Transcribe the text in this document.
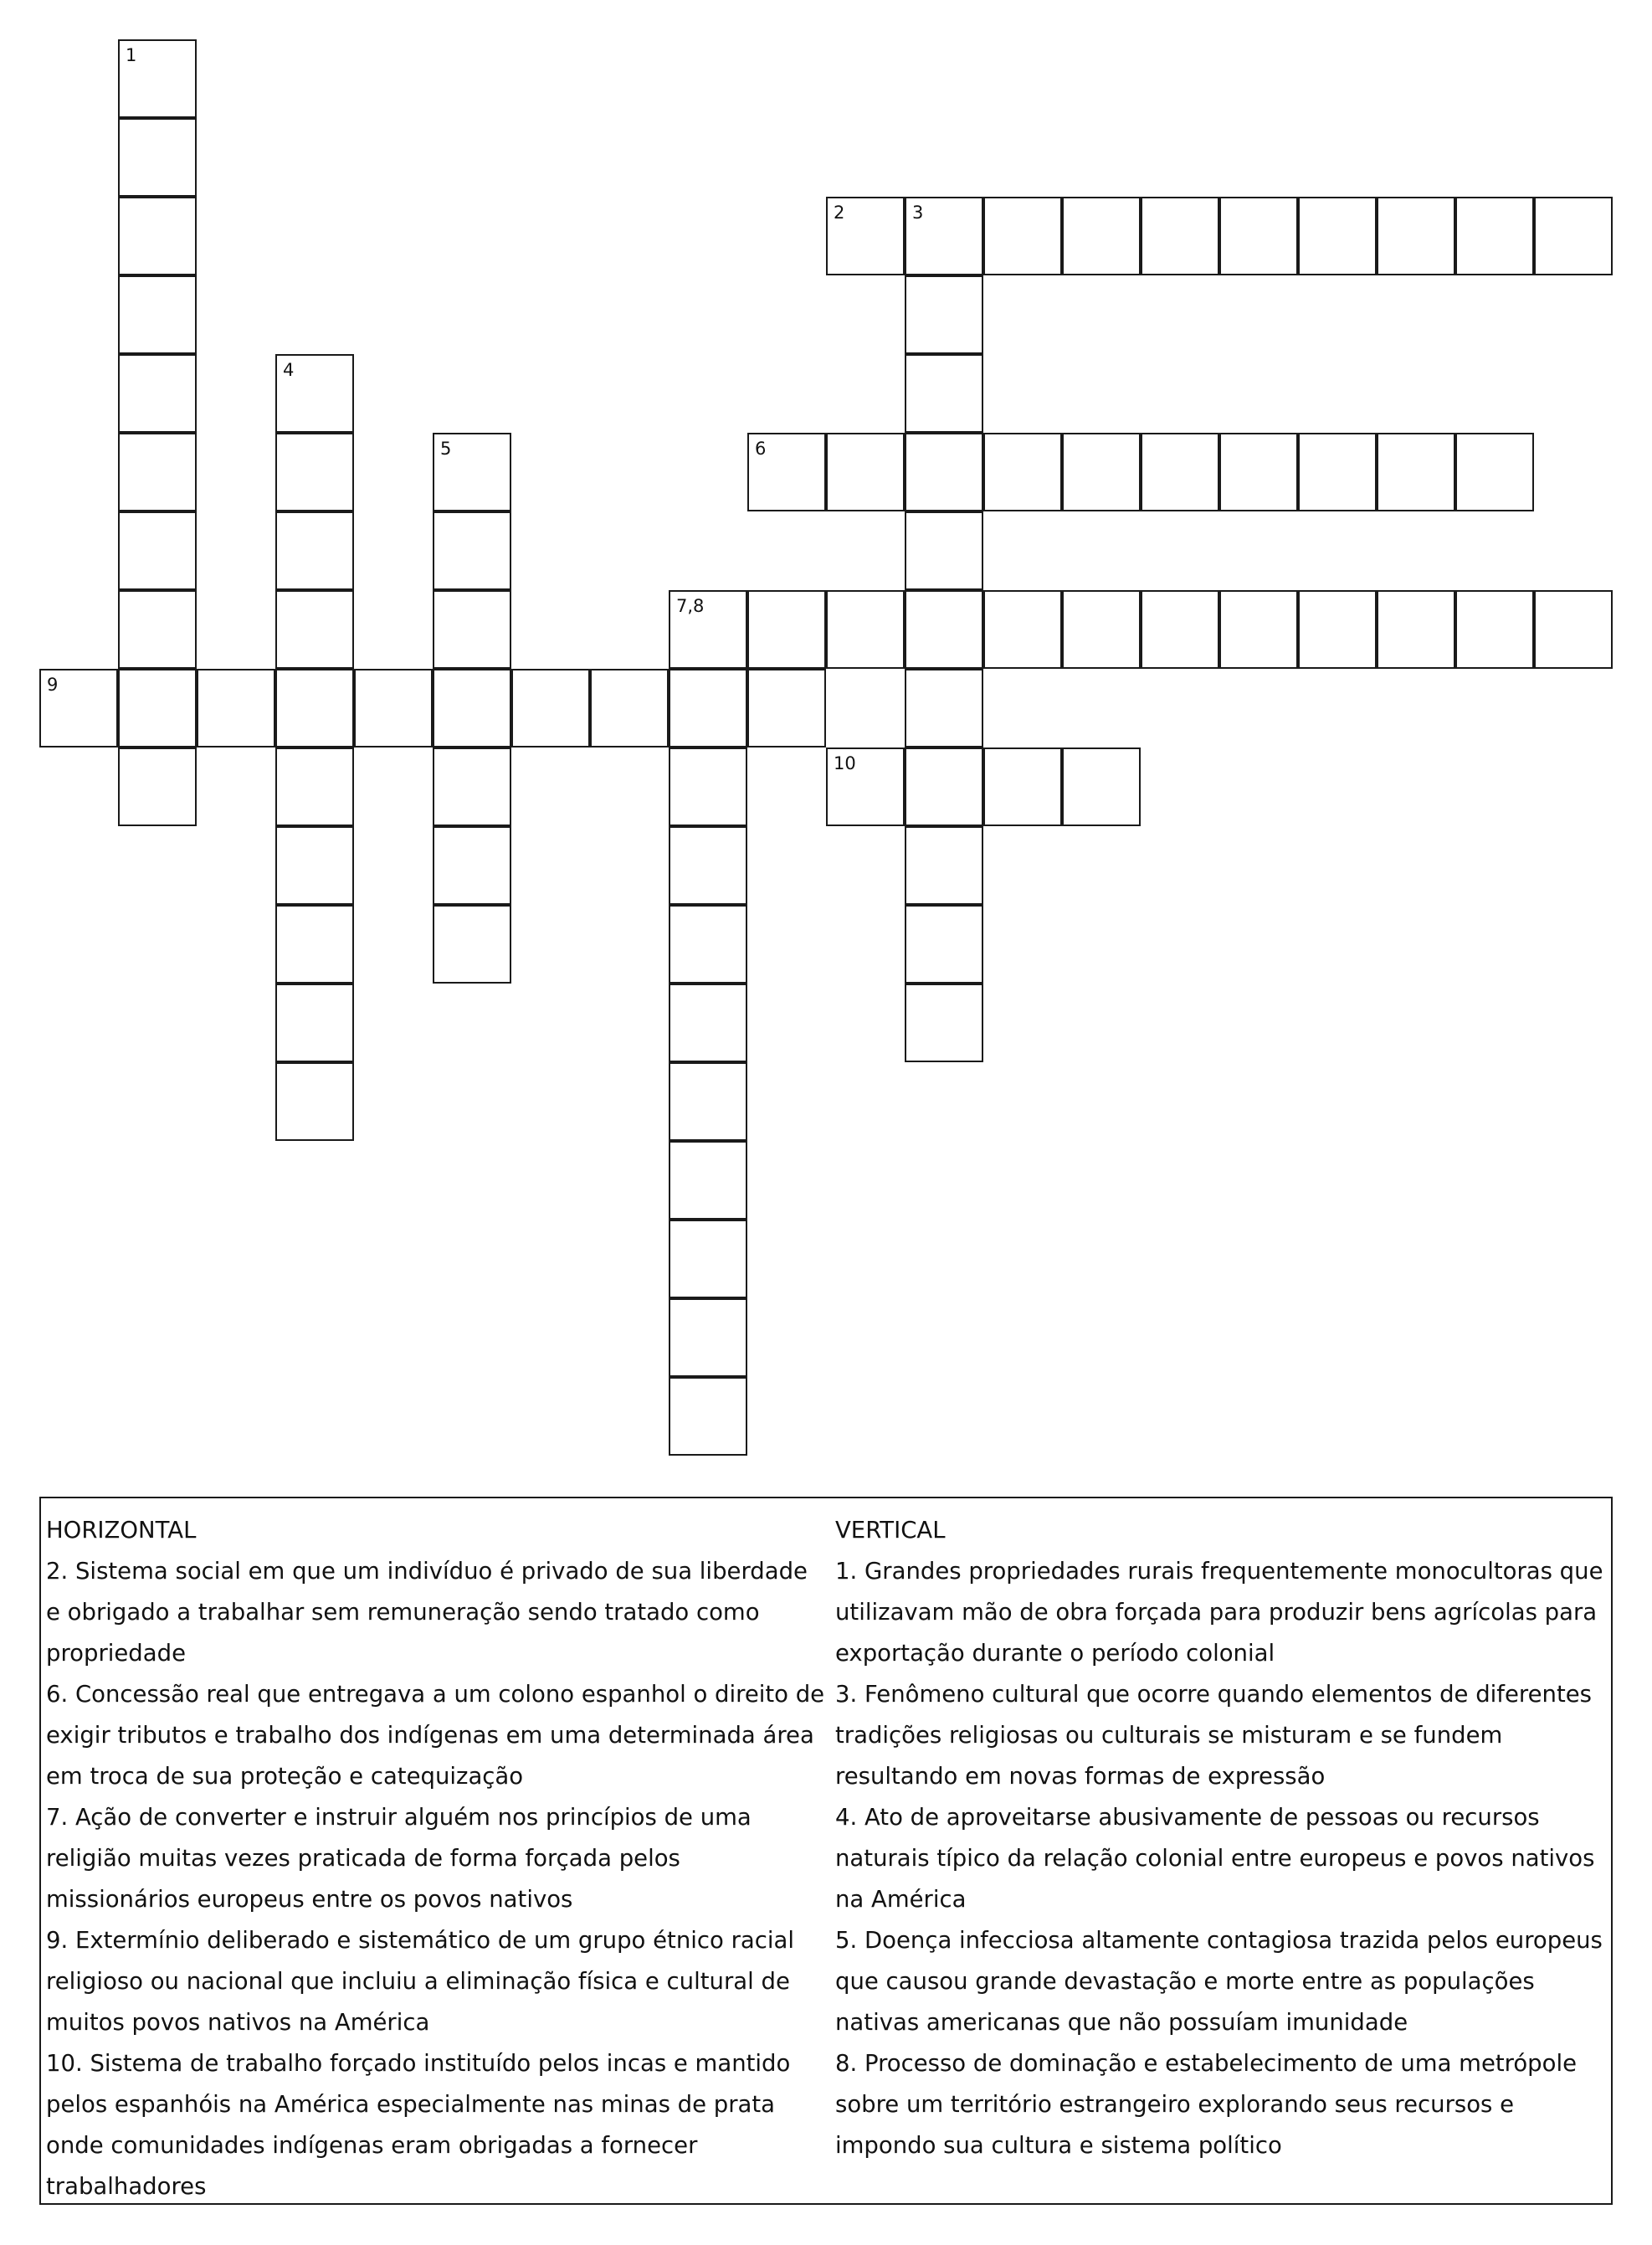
1
2	3
4
5	6
7,8
9
10
HORIZONTAL
2. Sistema social em que um indivíduo é privado de sua liberdade e obrigado a trabalhar sem remuneração sendo tratado como propriedade
6. Concessão real que entregava a um colono espanhol o direito de exigir tributos e trabalho dos indígenas em uma determinada área em troca de sua proteção e catequização
7. Ação de converter e instruir alguém nos princípios de uma religião muitas vezes praticada de forma forçada pelos missionários europeus entre os povos nativos
9. Extermínio deliberado e sistemático de um grupo étnico racial religioso ou nacional que incluiu a eliminação física e cultural de muitos povos nativos na América
10. Sistema de trabalho forçado instituído pelos incas e mantido pelos espanhóis na América especialmente nas minas de prata onde comunidades indígenas eram obrigadas a fornecer trabalhadores
VERTICAL
1. Grandes propriedades rurais frequentemente monocultoras que utilizavam mão de obra forçada para produzir bens agrícolas para exportação durante o período colonial
3. Fenômeno cultural que ocorre quando elementos de diferentes tradições religiosas ou culturais se misturam e se fundem resultando em novas formas de expressão
4. Ato de aproveitarse abusivamente de pessoas ou recursos naturais típico da relação colonial entre europeus e povos nativos na América
5. Doença infecciosa altamente contagiosa trazida pelos europeus que causou grande devastação e morte entre as populações nativas americanas que não possuíam imunidade
8. Processo de dominação e estabelecimento de uma metrópole sobre um território estrangeiro explorando seus recursos e impondo sua cultura e sistema político
